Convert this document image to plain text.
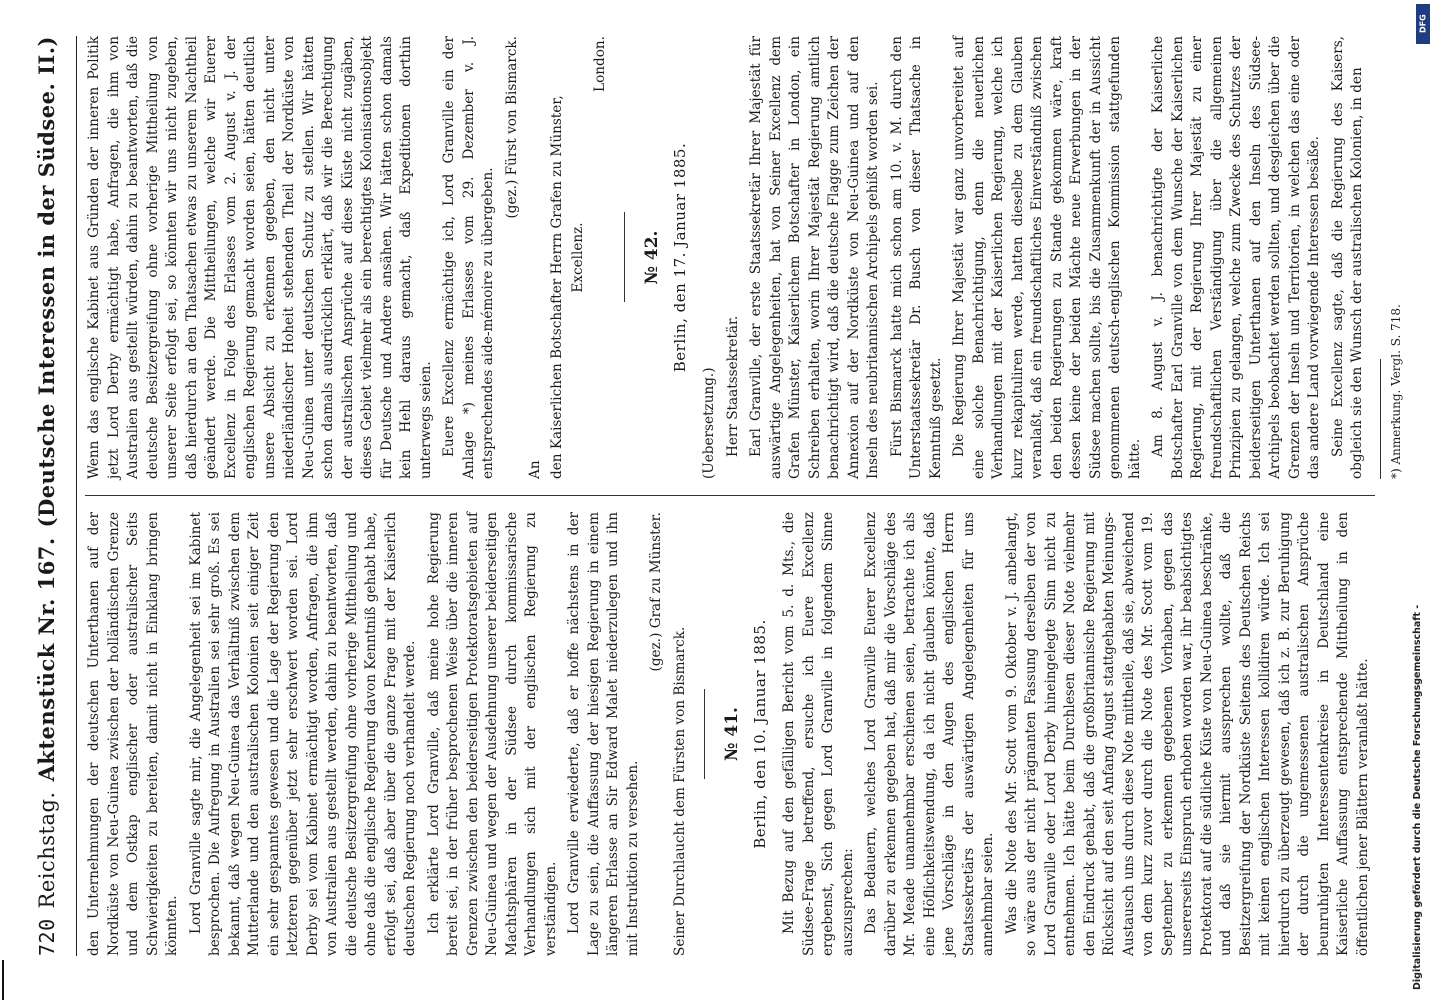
720
Reichstag.
Aktenstück Nr. 167.
(Deutsche Interessen in der Südsee. II.)

den Unternehmungen der deutschen Unterthanen auf der Nordküste von Neu-Guinea zwischen der holländischen Grenze und dem Ostkap englischer oder australischer Seits Schwierigkeiten zu bereiten, damit nicht in Einklang bringen könnten. Lord Granville sagte mir, die Angelegenheit sei im Kabinet besprochen. Die Aufregung in Australien sei sehr groß. Es sei bekannt, daß wegen Neu-Guinea das Verhältniß zwischen dem Mutterlande und den australischen Kolonien seit einiger Zeit ein sehr gespanntes gewesen und die Lage der Regierung den letzteren gegenüber jetzt sehr erschwert worden sei. Lord Derby sei vom Kabinet ermächtigt worden, Anfragen, die ihm von Australien aus gestellt werden, dahin zu beantworten, daß die deutsche Besitzergreifung ohne vorherige Mittheilung und ohne daß die englische Regierung davon Kenntniß gehabt habe, erfolgt sei, daß aber über die ganze Frage mit der Kaiserlich deutschen Regierung noch verhandelt werde. Ich erklärte Lord Granville, daß meine hohe Regierung bereit sei, in der früher besprochenen Weise über die inneren Grenzen zwischen den beiderseitigen Protektoratsgebieten auf Neu-Guinea und wegen der Ausdehnung unserer beiderseitigen Machtsphären in der Südsee durch kommissarische Verhandlungen sich mit der englischen Regierung zu verständigen. Lord Granville erwiederte, daß er hoffe nächstens in der Lage zu sein, die Auffassung der hiesigen Regierung in einem längeren Erlasse an Sir Edward Malet niederzulegen und ihn mit Instruktion zu versehen.

(gez.) Graf zu Münster.

Seiner Durchlaucht dem Fürsten von Bismarck. № 41. Berlin, den 10. Januar 1885. Mit Bezug auf den gefälligen Bericht vom 5. d. Mts., die Südsee-Frage betreffend, ersuche ich Euere Excellenz ergebenst, Sich gegen Lord Granville in folgendem Sinne auszusprechen: Das Bedauern, welches Lord Granville Euerer Excellenz darüber zu erkennen gegeben hat, daß mir die Vorschläge des Mr. Meade unannehmbar erschienen seien, betrachte ich als eine Höflichkeitswendung, da ich nicht glauben könnte, daß jene Vorschläge in den Augen des englischen Herrn Staatssekretärs der auswärtigen Angelegenheiten für uns annehmbar seien. Was die Note des Mr. Scott vom 9. Oktober v. J. anbelangt, so wäre aus der nicht prägnanten Fassung derselben der von Lord Granville oder Lord Derby hineingelegte Sinn nicht zu entnehmen. Ich hätte beim Durchlesen dieser Note vielmehr den Eindruck gehabt, daß die großbritannische Regierung mit Rücksicht auf den seit Anfang August stattgehabten Meinungs-Austausch uns durch diese Note mittheile, daß sie, abweichend von dem kurz zuvor durch die Note des Mr. Scott vom 19. September zu erkennen gegebenen Vorhaben, gegen das unsererseits Einspruch erhoben worden war, ihr beabsichtigtes Protektorat auf die südliche Küste von Neu-Guinea beschränke, und daß sie hiermit aussprechen wollte, daß die Besitzergreifung der Nordküste Seitens des Deutschen Reichs mit keinen englischen Interessen kollidiren würde. Ich sei hierdurch zu überzeugt gewesen, daß ich z. B. zur Beruhigung der durch die ungemessenen australischen Ansprüche beunruhigten Interessentenkreise in Deutschland eine Kaiserliche Auffassung entsprechende Mittheilung in den öffentlichen jener Blättern veranlaßt hätte.

Wenn das englische Kabinet aus Gründen der inneren Politik jetzt Lord Derby ermächtigt habe, Anfragen, die ihm von Australien aus gestellt würden, dahin zu beantworten, daß die deutsche Besitzergreifung ohne vorherige Mittheilung von unserer Seite erfolgt sei, so könnten wir uns nicht zugeben, daß hierdurch an den Thatsachen etwas zu unserem Nachtheil geändert werde. Die Mittheilungen, welche wir Euerer Excellenz in Folge des Erlasses vom 2. August v. J. der englischen Regierung gemacht worden seien, hätten deutlich unsere Absicht zu erkennen gegeben, den nicht unter niederländischer Hoheit stehenden Theil der Nordküste von Neu-Guinea unter deutschen Schutz zu stellen. Wir hätten schon damals ausdrücklich erklärt, daß wir die Berechtigung der australischen Ansprüche auf diese Küste nicht zugäben, dieses Gebiet vielmehr als ein berechtigtes Kolonisationsobjekt für Deutsche und Andere ansähen. Wir hätten schon damals kein Hehl daraus gemacht, daß Expeditionen dorthin unterwegs seien. Euere Excellenz ermächtige ich, Lord Granville ein der Anlage *) meines Erlasses vom 29. Dezember v. J. entsprechendes aide-mémoire zu übergeben.

(gez.) Fürst von Bismarck.

An den Kaiserlichen Botschafter Herrn Grafen zu Münster, Excellenz.

London.

№ 42. Berlin, den 17. Januar 1885.

(Uebersetzung.) Herr Staatssekretär. Earl Granville, der erste Staatssekretär Ihrer Majestät für auswärtige Angelegenheiten, hat von Seiner Excellenz dem Grafen Münster, Kaiserlichem Botschafter in London, ein Schreiben erhalten, worin Ihrer Majestät Regierung amtlich benachrichtigt wird, daß die deutsche Flagge zum Zeichen der Annexion auf der Nordküste von Neu-Guinea und auf den Inseln des neubritannischen Archipels gehißt worden sei. Fürst Bismarck hatte mich schon am 10. v. M. durch den Unterstaatssekretär Dr. Busch von dieser Thatsache in Kenntniß gesetzt. Die Regierung Ihrer Majestät war ganz unvorbereitet auf eine solche Benachrichtigung, denn die neuerlichen Verhandlungen mit der Kaiserlichen Regierung, welche ich kurz rekapituliren werde, hatten dieselbe zu dem Glauben veranlaßt, daß ein freundschaftliches Einverständniß zwischen den beiden Regierungen zu Stande gekommen wäre, kraft dessen keine der beiden Mächte neue Erwerbungen in der Südsee machen sollte, bis die Zusammenkunft der in Aussicht genommenen deutsch-englischen Kommission stattgefunden hätte.

Am 8. August v. J. benachrichtigte der Kaiserliche Botschafter Earl Granville von dem Wunsche der Kaiserlichen Regierung, mit der Regierung Ihrer Majestät zu einer freundschaftlichen Verständigung über die allgemeinen Prinzipien zu gelangen, welche zum Zwecke des Schutzes der beiderseitigen Unterthanen auf den Inseln des Südsee-Archipels beobachtet werden sollten, und desgleichen über die Grenzen der Inseln und Territorien, in welchen das eine oder das andere Land vorwiegende Interessen besäße. Seine Excellenz sagte, daß die Regierung des Kaisers, obgleich sie den Wunsch der australischen Kolonien, in den *) Anmerkung. Vergl. S. 718.

Digitalisierung gefördert durch die Deutsche Forschungsgemeinschaft -
DFG
